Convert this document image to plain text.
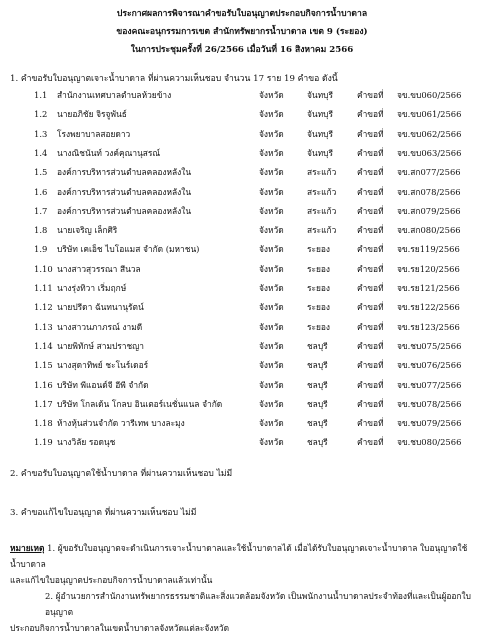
ประกาศผลการพิจารณาคำขอรับใบอนุญาตประกอบกิจการน้ำบาดาล
ของคณะอนุกรรมการเขต สำนักทรัพยากรน้ำบาดาล เขต 9 (ระยอง)
ในการประชุมครั้งที่ 26/2566 เมื่อวันที่ 16 สิงหาคม 2566
1. คำขอรับใบอนุญาตเจาะน้ำบาดาล ที่ผ่านความเห็นชอบ จำนวน 17 ราย 19 คำขอ ดังนี้
1.1 สำนักงานเทศบาลตำบลห้วยข้าง	จังหวัด	จันทบุรี	คำขอที่ จข.ขบ060/2566
1.2 นายอภิชัย จิรจูพันธ์	จังหวัด	จันทบุรี	คำขอที่ จข.ขบ061/2566
1.3 โรงพยาบาลสอยดาว	จังหวัด	จันทบุรี	คำขอที่ จข.ขบ062/2566
1.4 นางณิชนันท์ วงค์คุณานุสรณ์	จังหวัด	จันทบุรี	คำขอที่ จข.ขบ063/2566
1.5 องค์การบริหารส่วนตำบลคลองหลังใน	จังหวัด	สระแก้ว คำขอที่ จข.สก077/2566
1.6 องค์การบริหารส่วนตำบลคลองหลังใน	จังหวัด	สระแก้ว คำขอที่ จข.สก078/2566
1.7 องค์การบริหารส่วนตำบลคลองหลังใน	จังหวัด	สระแก้ว คำขอที่ จข.สก079/2566
1.8 นายเจริญ เล็กศิริ	จังหวัด	สระแก้ว คำขอที่ จข.สก080/2566
1.9 บริษัท เคเอ็ช ไบโอแมส จำกัด (มหาชน)	จังหวัด	ระยอง	คำขอที่ จข.รย119/2566
1.10 นางสาวสุวรรณา สีนวล	จังหวัด	ระยอง	คำขอที่ จข.รย120/2566
1.11 นางรุ่งทิวา เริ่มฤกษ์	จังหวัด	ระยอง	คำขอที่ จข.รย121/2566
1.12 นายปรีดา ฉันทนานุรัตน์	จังหวัด	ระยอง	คำขอที่ จข.รย122/2566
1.13 นางสาวนภาภรณ์ งามดี	จังหวัด	ระยอง	คำขอที่ จข.รย123/2566
1.14 นายพิทักษ์ สามปราชญา	จังหวัด	ชลบุรี	คำขอที่ จข.ชบ075/2566
1.15 นางสุดาทิพย์ ชะโนร์เดอร์	จังหวัด	ชลบุรี	คำขอที่ จข.ชบ076/2566
1.16 บริษัท พีแอนด์จี อีพี จำกัด	จังหวัด	ชลบุรี	คำขอที่ จข.ชบ077/2566
1.17 บริษัท โกลเด้น โกลบ อินเตอร์เนชั่นแนล จำกัด	จังหวัด	ชลบุรี	คำขอที่ จข.ชบ078/2566
1.18 ห้างหุ้นส่วนจำกัด วารีเทพ บางละมุง	จังหวัด	ชลบุรี	คำขอที่ จข.ชบ079/2566
1.19 นางวิลัย รอดนุช	จังหวัด	ชลบุรี	คำขอที่ จข.ชบ080/2566
2. คำขอรับใบอนุญาตใช้น้ำบาดาล ที่ผ่านความเห็นชอบ ไม่มี
3. คำขอแก้ไขใบอนุญาต ที่ผ่านความเห็นชอบ ไม่มี
หมายเหตุ 1. ผู้ขอรับใบอนุญาตจะดำเนินการเจาะน้ำบาดาลและใช้น้ำบาดาลได้ เมื่อได้รับใบอนุญาตเจาะน้ำบาดาล ใบอนุญาตใช้น้ำบาดาล
และแก้ไขใบอนุญาตประกอบกิจการน้ำบาดาลแล้วเท่านั้น
2. ผู้อำนวยการสำนักงานทรัพยากรธรรมชาติและสิ่งแวดล้อมจังหวัด เป็นพนักงานน้ำบาดาลประจำท้องที่และเป็นผู้ออกใบอนุญาต
ประกอบกิจการน้ำบาดาลในเขตน้ำบาดาลจังหวัดแต่ละจังหวัด
